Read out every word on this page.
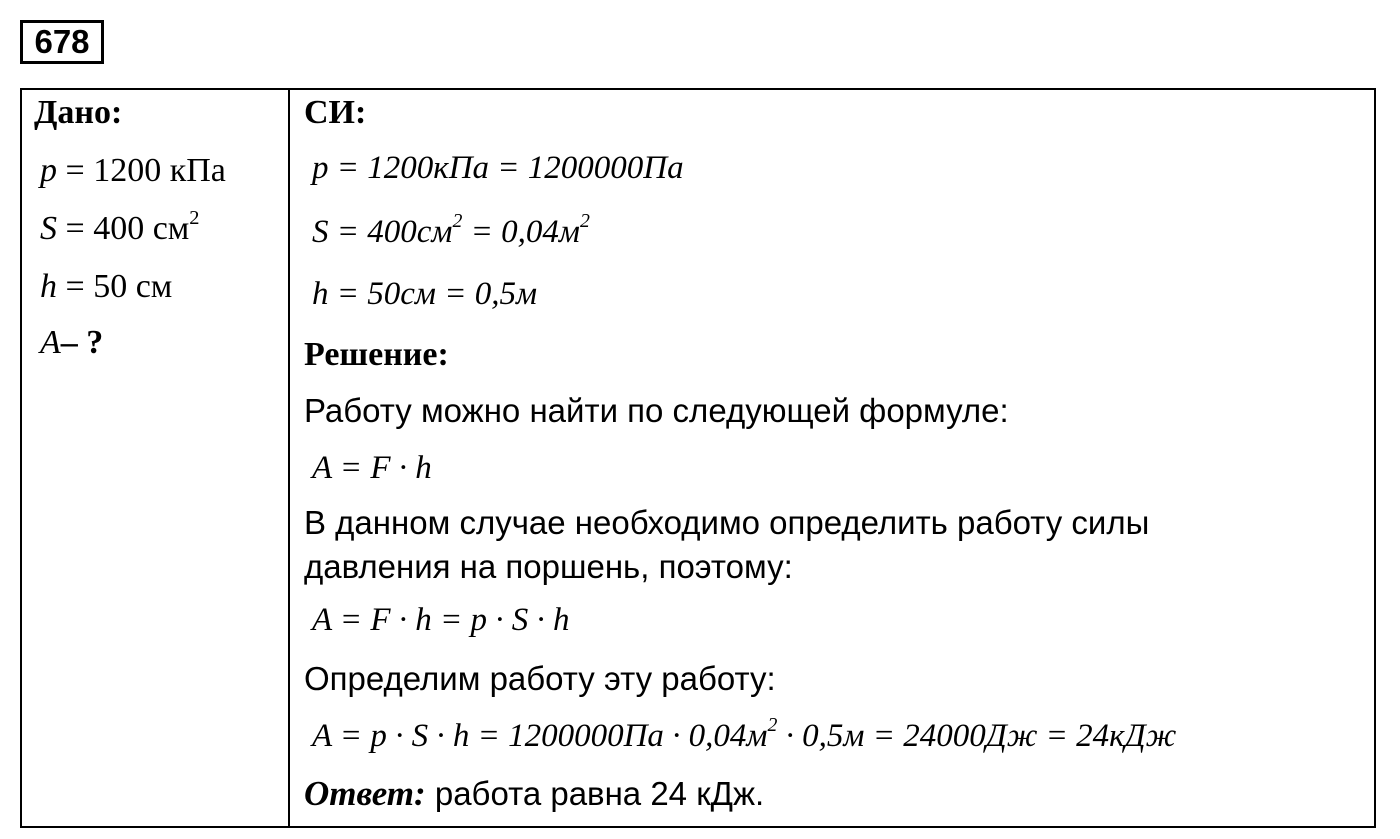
678
Дано:
p = 1200 кПа
S = 400 $см^2$
h = 50 см
A– ?
СИ:
p = 1200кПа = 1200000Па
$S = 400см^2 = 0,04м^2$
h = 50см = 0,5м
Решение:
Работу можно найти по следующей формуле:
A = F · h
В данном случае необходимо определить работу силы
давления на поршень, поэтому:
A = F · h = p · S · h
Определим работу эту работу:
$A = p \cdot S \cdot h = 1200000Па \cdot 0,04м^2 \cdot 0,5м = 24000Дж = 24кДж$
Ответ: работа равна 24 кДж.
